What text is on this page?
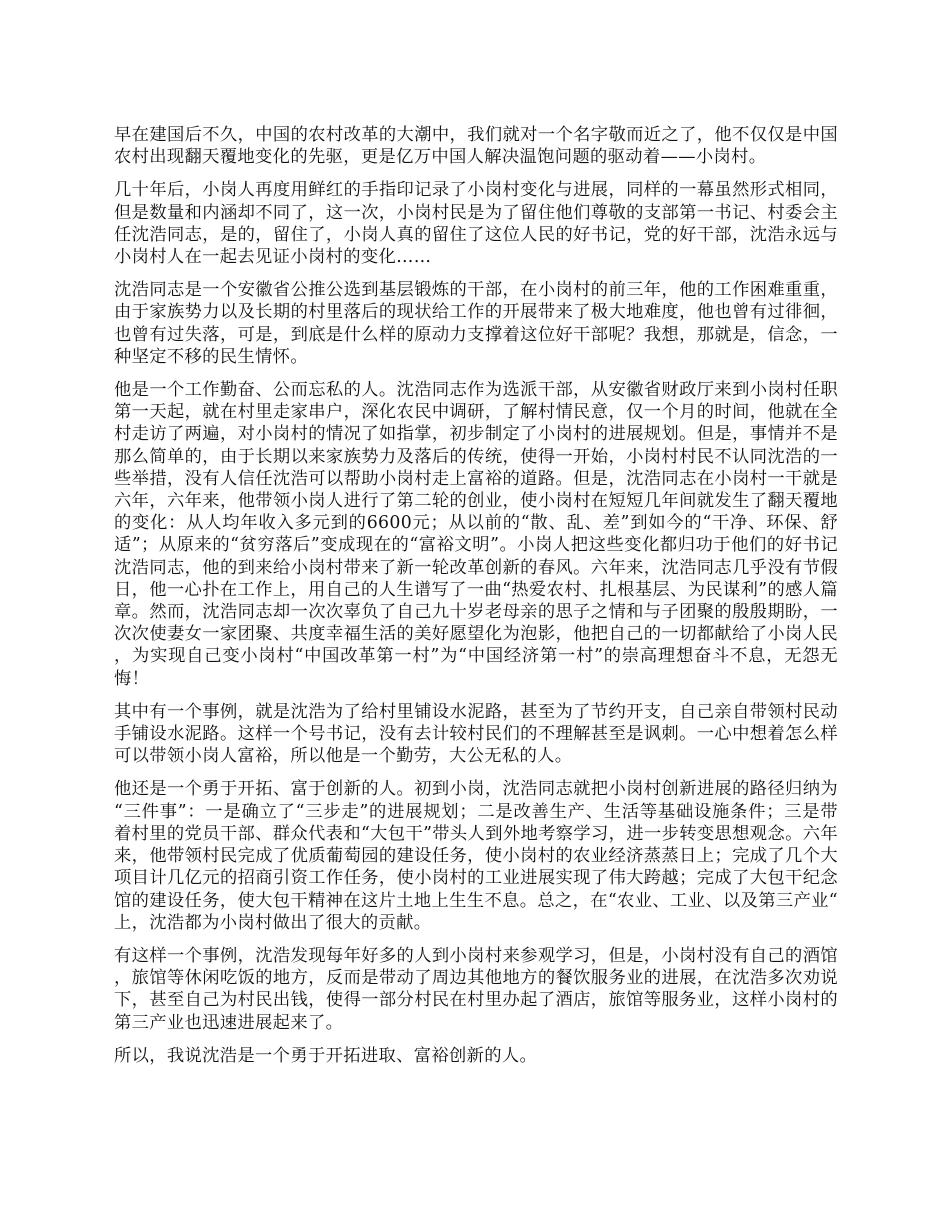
早在建国后不久，中国的农村改革的大潮中，我们就对一个名字敬而近之了，他不仅仅是中国农村出现翻天覆地变化的先驱，更是亿万中国人解决温饱问题的驱动着——小岗村。

几十年后，小岗人再度用鲜红的手指印记录了小岗村变化与进展，同样的一幕虽然形式相同，但是数量和内涵却不同了，这一次，小岗村民是为了留住他们尊敬的支部第一书记、村委会主任沈浩同志，是的，留住了，小岗人真的留住了这位人民的好书记，党的好干部，沈浩永远与小岗村人在一起去见证小岗村的变化……

沈浩同志是一个安徽省公推公选到基层锻炼的干部，在小岗村的前三年，他的工作困难重重，由于家族势力以及长期的村里落后的现状给工作的开展带来了极大地难度，他也曾有过徘徊，也曾有过失落，可是，到底是什么样的原动力支撑着这位好干部呢？我想，那就是，信念，一种坚定不移的民生情怀。

他是一个工作勤奋、公而忘私的人。沈浩同志作为选派干部，从安徽省财政厅来到小岗村任职第一天起，就在村里走家串户，深化农民中调研，了解村情民意，仅一个月的时间，他就在全村走访了两遍，对小岗村的情况了如指掌，初步制定了小岗村的进展规划。但是，事情并不是那么简单的，由于长期以来家族势力及落后的传统，使得一开始，小岗村村民不认同沈浩的一些举措，没有人信任沈浩可以帮助小岗村走上富裕的道路。但是，沈浩同志在小岗村一干就是六年，六年来，他带领小岗人进行了第二轮的创业，使小岗村在短短几年间就发生了翻天覆地的变化：从人均年收入多元到的6600元；从以前的“散、乱、差”到如今的“干净、环保、舒适”；从原来的“贫穷落后”变成现在的“富裕文明”。小岗人把这些变化都归功于他们的好书记沈浩同志，他的到来给小岗村带来了新一轮改革创新的春风。六年来，沈浩同志几乎没有节假日，他一心扑在工作上，用自己的人生谱写了一曲“热爱农村、扎根基层、为民谋利”的感人篇章。然而，沈浩同志却一次次辜负了自己九十岁老母亲的思子之情和与子团聚的殷殷期盼，一次次使妻女一家团聚、共度幸福生活的美好愿望化为泡影，他把自己的一切都献给了小岗人民，为实现自己变小岗村“中国改革第一村”为“中国经济第一村”的崇高理想奋斗不息，无怨无悔！

其中有一个事例，就是沈浩为了给村里铺设水泥路，甚至为了节约开支，自己亲自带领村民动手铺设水泥路。这样一个号书记，没有去计较村民们的不理解甚至是讽刺。一心中想着怎么样可以带领小岗人富裕，所以他是一个勤劳，大公无私的人。

他还是一个勇于开拓、富于创新的人。初到小岗，沈浩同志就把小岗村创新进展的路径归纳为“三件事”：一是确立了“三步走”的进展规划；二是改善生产、生活等基础设施条件；三是带着村里的党员干部、群众代表和“大包干”带头人到外地考察学习，进一步转变思想观念。六年来，他带领村民完成了优质葡萄园的建设任务，使小岗村的农业经济蒸蒸日上；完成了几个大项目计几亿元的招商引资工作任务，使小岗村的工业进展实现了伟大跨越；完成了大包干纪念馆的建设任务，使大包干精神在这片土地上生生不息。总之，在“农业、工业、以及第三产业“上，沈浩都为小岗村做出了很大的贡献。

有这样一个事例，沈浩发现每年好多的人到小岗村来参观学习，但是，小岗村没有自己的酒馆，旅馆等休闲吃饭的地方，反而是带动了周边其他地方的餐饮服务业的进展，在沈浩多次劝说下，甚至自己为村民出钱，使得一部分村民在村里办起了酒店，旅馆等服务业，这样小岗村的第三产业也迅速进展起来了。

所以，我说沈浩是一个勇于开拓进取、富裕创新的人。
